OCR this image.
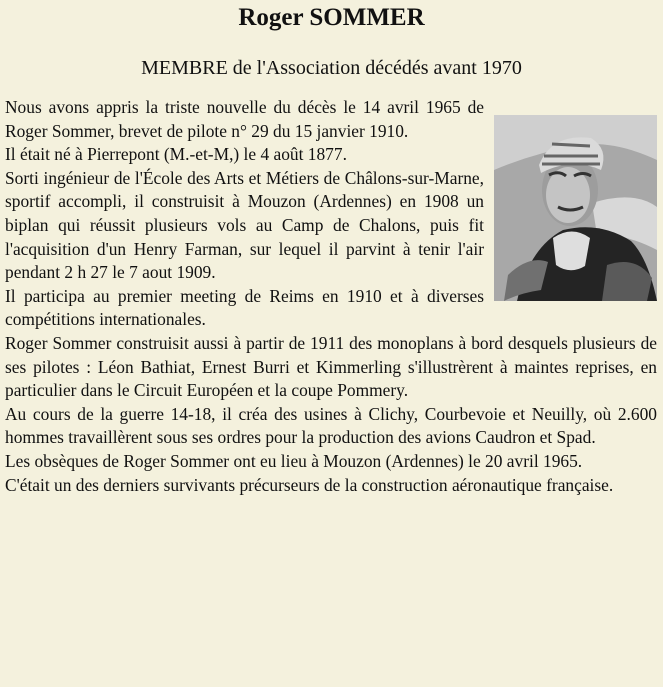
Roger SOMMER
MEMBRE de l'Association décédés avant 1970

Nous avons appris la triste nouvelle du décès le 14 avril 1965 de Roger Sommer, brevet de pilote n° 29 du 15 janvier 1910.

Il était né à Pierrepont (M.-et-M,) le 4 août 1877.

Sorti ingénieur de l'École des Arts et Métiers de Châlons-sur-Marne, sportif accompli, il construisit à Mouzon (Ardennes) en 1908 un biplan qui réussit plusieurs vols au Camp de Chalons, puis fit l'acquisition d'un Henry Farman, sur lequel il parvint à tenir l'air pendant 2 h 27 le 7 aout 1909.

Il participa au premier meeting de Reims en 1910 et à diverses compétitions internationales.

Roger Sommer construisit aussi à partir de 1911 des monoplans à bord desquels plusieurs de ses pilotes : Léon Bathiat, Ernest Burri et Kimmerling s'illustrèrent à maintes reprises, en particulier dans le Circuit Européen et la coupe Pommery.

Au cours de la guerre 14-18, il créa des usines à Clichy, Courbevoie et Neuilly, où 2.600 hommes travaillèrent sous ses ordres pour la production des avions Caudron et Spad.

Les obsèques de Roger Sommer ont eu lieu à Mouzon (Ardennes) le 20 avril 1965.

C'était un des derniers survivants précurseurs de la construction aéronautique française.
